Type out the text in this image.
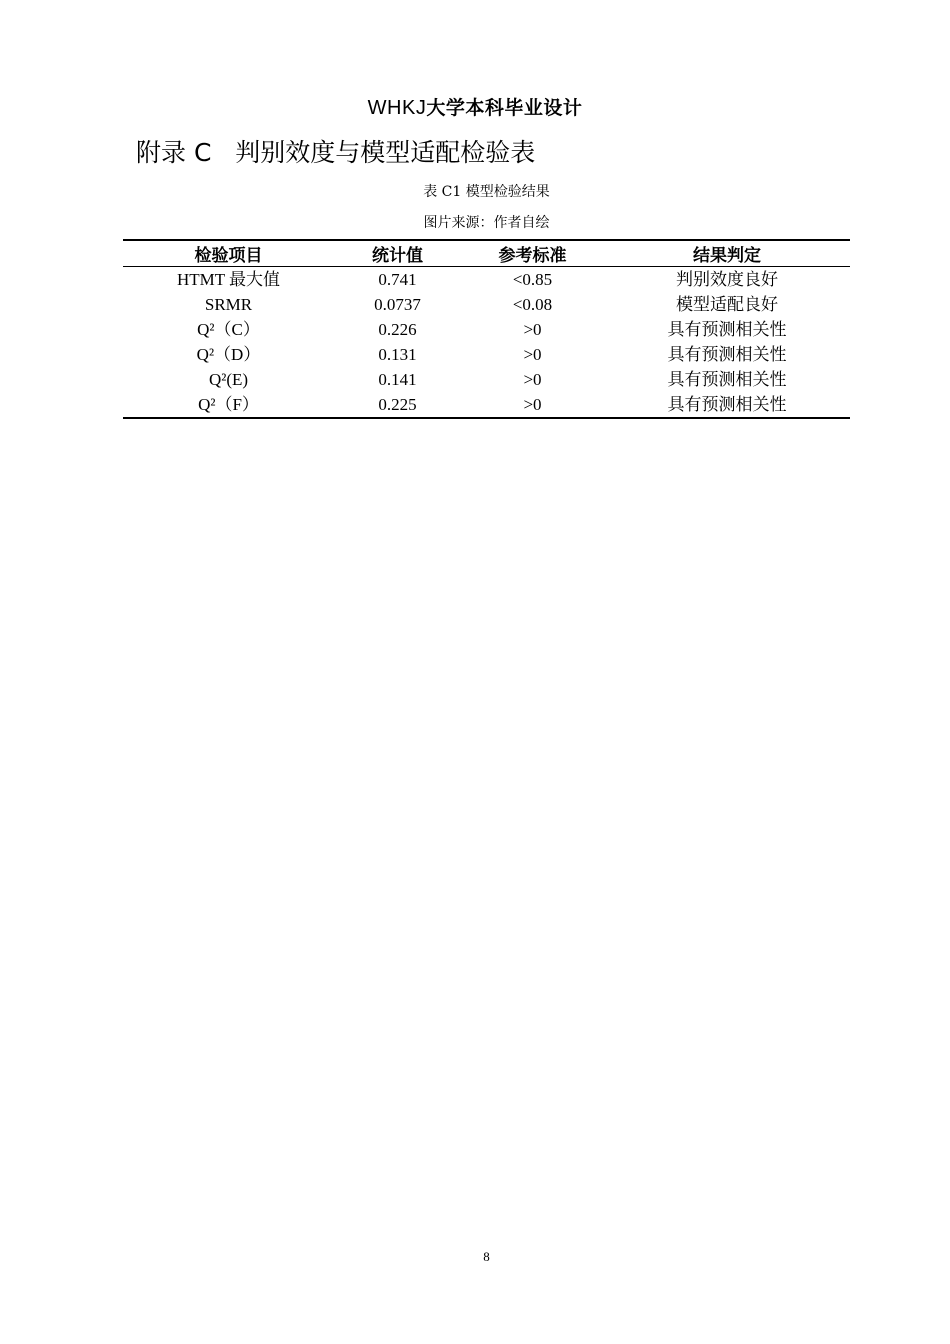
WHKJ大学本科毕业设计
附录 C   判别效度与模型适配检验表
表 C1 模型检验结果
图片来源：作者自绘
检验项目	统计值	参考标准	结果判定
HTMT 最大值	0.741	<0.85	判别效度良好
SRMR	0.0737	<0.08	模型适配良好
Q²（C）	0.226	>0	具有预测相关性
Q²（D）	0.131	>0	具有预测相关性
Q²(E)	0.141	>0	具有预测相关性
Q²（F）	0.225	>0	具有预测相关性
8
